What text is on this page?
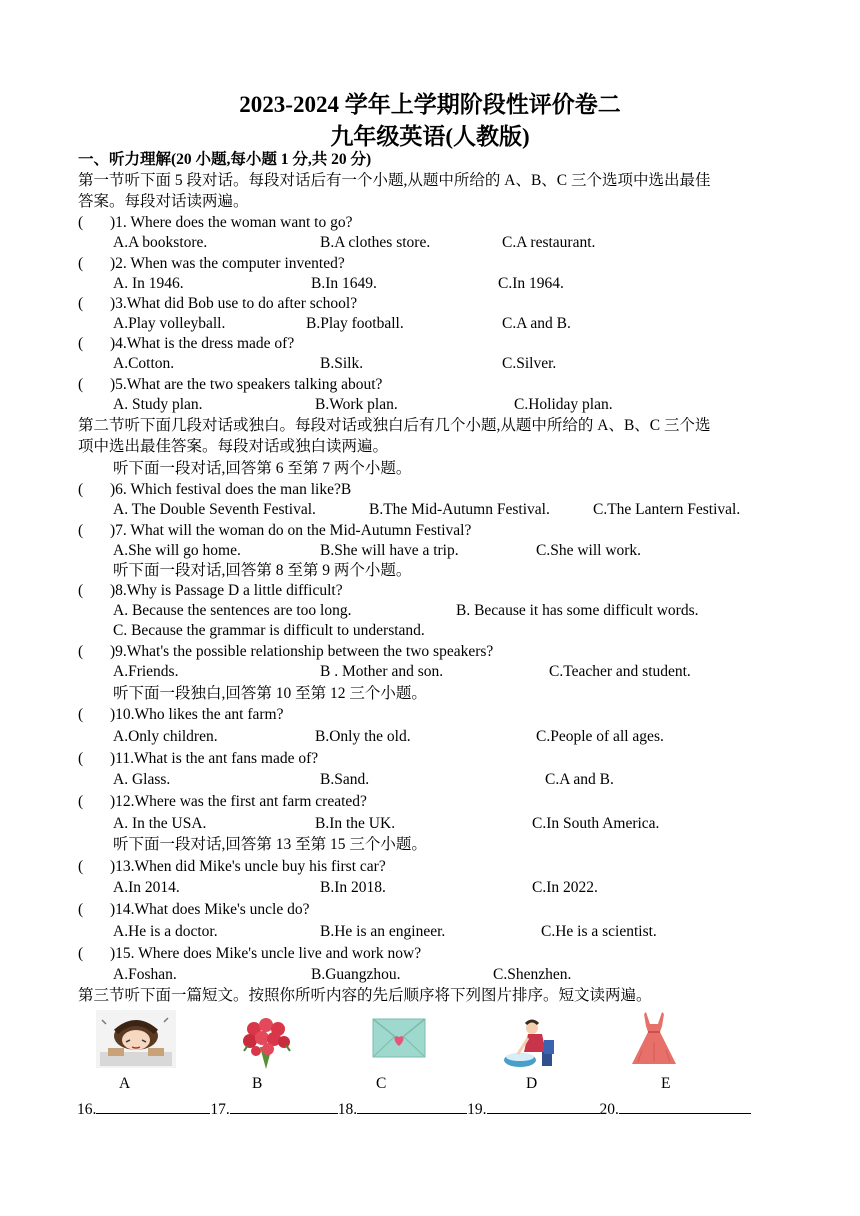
2023-2024 学年上学期阶段性评价卷二
九年级英语(人教版)
一、听力理解(20 小题,每小题 1 分,共 20 分)
第一节听下面 5 段对话。每段对话后有一个小题,从题中所给的 A、B、C 三个选项中选出最佳
答案。每段对话读两遍。
( )1. Where does the woman want to go?
A.A bookstore.	B.A clothes store.	C.A restaurant.
( )2. When was the computer invented?
A. In 1946.	B.In 1649.	C.In 1964.
( )3.What did Bob use to do after school?
A.Play volleyball.	B.Play football.	C.A and B.
( )4.What is the dress made of?
A.Cotton.	B.Silk.	C.Silver.
( )5.What are the two speakers talking about?
A. Study plan.	B.Work plan.	C.Holiday plan.
第二节听下面几段对话或独白。每段对话或独白后有几个小题,从题中所给的 A、B、C 三个选
项中选出最佳答案。每段对话或独白读两遍。
听下面一段对话,回答第 6 至第 7 两个小题。
( )6. Which festival does the man like?B
A. The Double Seventh Festival.	B.The Mid-Autumn Festival.	C.The Lantern Festival.
( )7. What will the woman do on the Mid-Autumn Festival?
A.She will go home.	B.She will have a trip.	C.She will work.
听下面一段对话,回答第 8 至第 9 两个小题。
( )8.Why is Passage D a little difficult?
A. Because the sentences are too long.	B. Because it has some difficult words.
C. Because the grammar is difficult to understand.
( )9.What's the possible relationship between the two speakers?
A.Friends.	B . Mother and son.	C.Teacher and student.
听下面一段独白,回答第 10 至第 12 三个小题。
( )10.Who likes the ant farm?
A.Only children.	B.Only the old.	C.People of all ages.
( )11.What is the ant fans made of?
A. Glass.	B.Sand.	C.A and B.
( )12.Where was the first ant farm created?
A. In the USA.	B.In the UK.	C.In South America.
听下面一段对话,回答第 13 至第 15 三个小题。
( )13.When did Mike's uncle buy his first car?
A.In 2014.	B.In 2018.	C.In 2022.
( )14.What does Mike's uncle do?
A.He is a doctor.	B.He is an engineer.	C.He is a scientist.
( )15. Where does Mike's uncle live and work now?
A.Foshan.	B.Guangzhou.	C.Shenzhen.
第三节听下面一篇短文。按照你所听内容的先后顺序将下列图片排序。短文读两遍。
A	B	C	D	E
16.	17.	18.	19.	20.
